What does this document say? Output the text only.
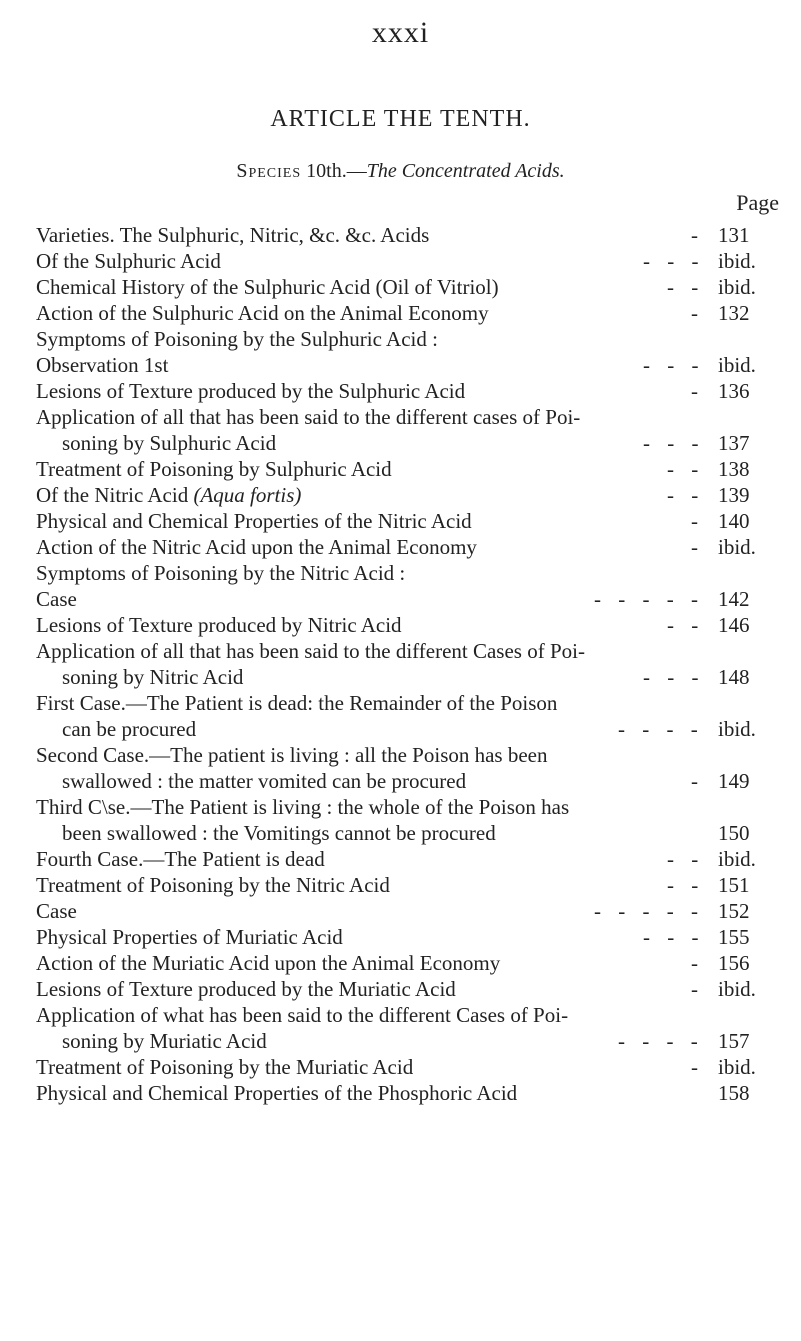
xxxi
ARTICLE THE TENTH.
Species 10th.—The Concentrated Acids.
Page
Varieties. The Sulphuric, Nitric, &c. &c. Acids	- 131
Of the Sulphuric Acid	- - - ibid.
Chemical History of the Sulphuric Acid (Oil of Vitriol)	- - ibid.
Action of the Sulphuric Acid on the Animal Economy	- 132
Symptoms of Poisoning by the Sulphuric Acid :
Observation 1st	- - - ibid.
Lesions of Texture produced by the Sulphuric Acid	- 136
Application of all that has been said to the different cases of Poi-
soning by Sulphuric Acid	- - - 137
Treatment of Poisoning by Sulphuric Acid	- - 138
Of the Nitric Acid (Aqua fortis)	- - 139
Physical and Chemical Properties of the Nitric Acid	- 140
Action of the Nitric Acid upon the Animal Economy	- ibid.
Symptoms of Poisoning by the Nitric Acid :
Case	- - - - - 142
Lesions of Texture produced by Nitric Acid	- - 146
Application of all that has been said to the different Cases of Poi-
soning by Nitric Acid	- - - 148
First Case.—The Patient is dead: the Remainder of the Poison
can be procured	- - - - ibid.
Second Case.—The patient is living : all the Poison has been
swallowed : the matter vomited can be procured	- 149
Third C\se.—The Patient is living : the whole of the Poison has
been swallowed : the Vomitings cannot be procured	150
Fourth Case.—The Patient is dead	- - ibid.
Treatment of Poisoning by the Nitric Acid	- - 151
Case	- - - - - 152
Physical Properties of Muriatic Acid	- - - 155
Action of the Muriatic Acid upon the Animal Economy	- 156
Lesions of Texture produced by the Muriatic Acid	- ibid.
Application of what has been said to the different Cases of Poi-
soning by Muriatic Acid	- - - - 157
Treatment of Poisoning by the Muriatic Acid	- ibid.
Physical and Chemical Properties of the Phosphoric Acid	158
